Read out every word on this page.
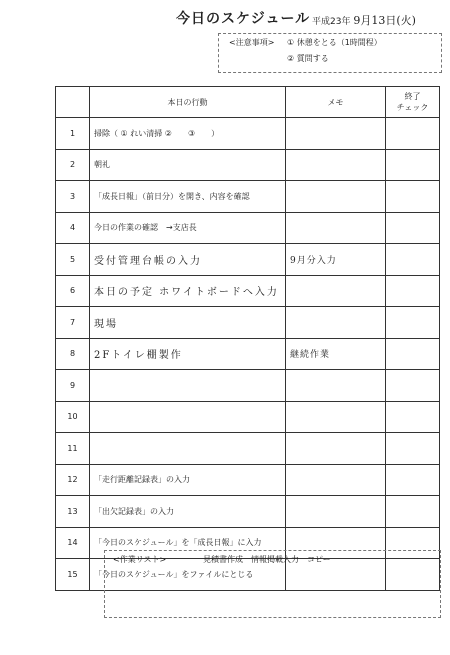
今日のスケジュール 平成23年 9月13日(火)
<注意事項> ① 休憩をとる（1時間程）
② 質問する
	本日の行動	メモ	終了
チェック

1	掃除（ ① れい清掃 ②　　③　　）		
2	朝礼		
3	「成長日報」（前日分）を開き、内容を確認		
4	今日の作業の確認　→支店長		
5	受付管理台帳の入力	9月分入力	
6	本日の予定 ホワイトボードへ入力		
7	現場		
8	2Fトイレ棚製作	継続作業	
9			
10			
11			
12	「走行距離記録表」の入力		
13	「出欠記録表」の入力		
14	「今日のスケジュール」を「成長日報」に入力		
15	「今日のスケジュール」をファイルにとじる		
<作業リスト>	見積書作成　情報掲載入力　コピー
